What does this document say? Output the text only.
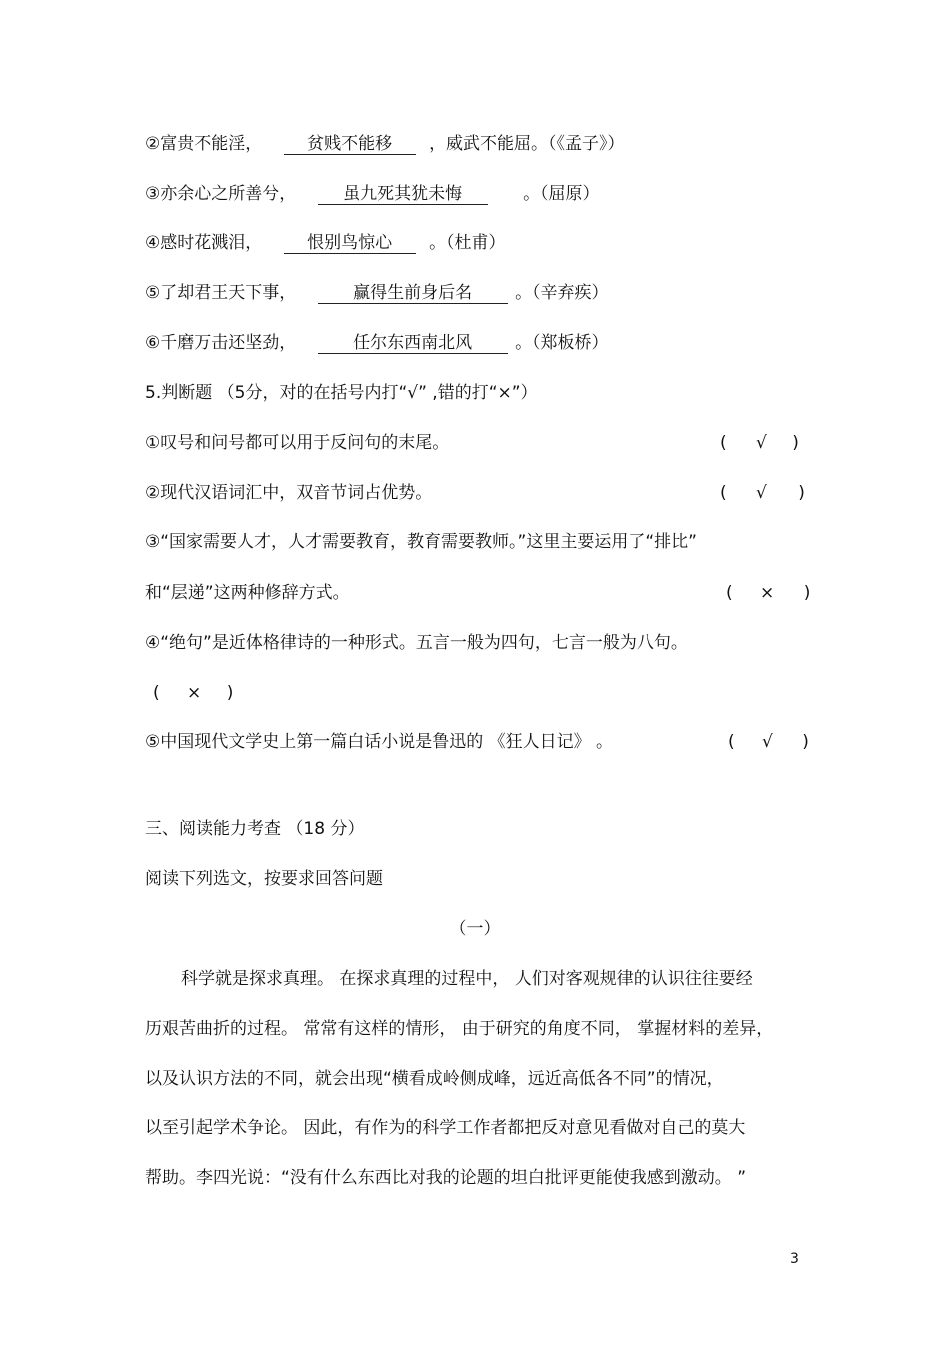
②富贵不能淫，	贫贱不能移 ，威武不能屈。（《孟子》）
③亦余心之所善兮，	虽九死其犹未悔	。（屈原）
④感时花溅泪，	恨别鸟惊心 。（杜甫）
⑤了却君王天下事，	赢得生前身后名	。（辛弃疾）
⑥千磨万击还坚劲，	任尔东西南北风	。（郑板桥）
5.判断题 （5分，对的在括号内打“√” ,错的打“×”）
①叹号和问号都可以用于反问句的末尾。	( √ )
②现代汉语词汇中，双音节词占优势。	( √ )
③“国家需要人才，人才需要教育，教育需要教师。”这里主要运用了“排比”
和“层递”这两种修辞方式。	( × )
④“绝句”是近体格律诗的一种形式。五言一般为四句，七言一般为八句。
( × )
⑤中国现代文学史上第一篇白话小说是鲁迅的 《狂人日记》 。	( √ )
三、阅读能力考查 （18 分）
阅读下列选文，按要求回答问题
（一）
科学就是探求真理。 在探求真理的过程中， 人们对客观规律的认识往往要经
历艰苦曲折的过程。 常常有这样的情形， 由于研究的角度不同， 掌握材料的差异，
以及认识方法的不同，就会出现“横看成岭侧成峰，远近高低各不同”的情况，
以至引起学术争论。 因此，有作为的科学工作者都把反对意见看做对自己的莫大
帮助。李四光说：“没有什么东西比对我的论题的坦白批评更能使我感到激动。 ”
3
